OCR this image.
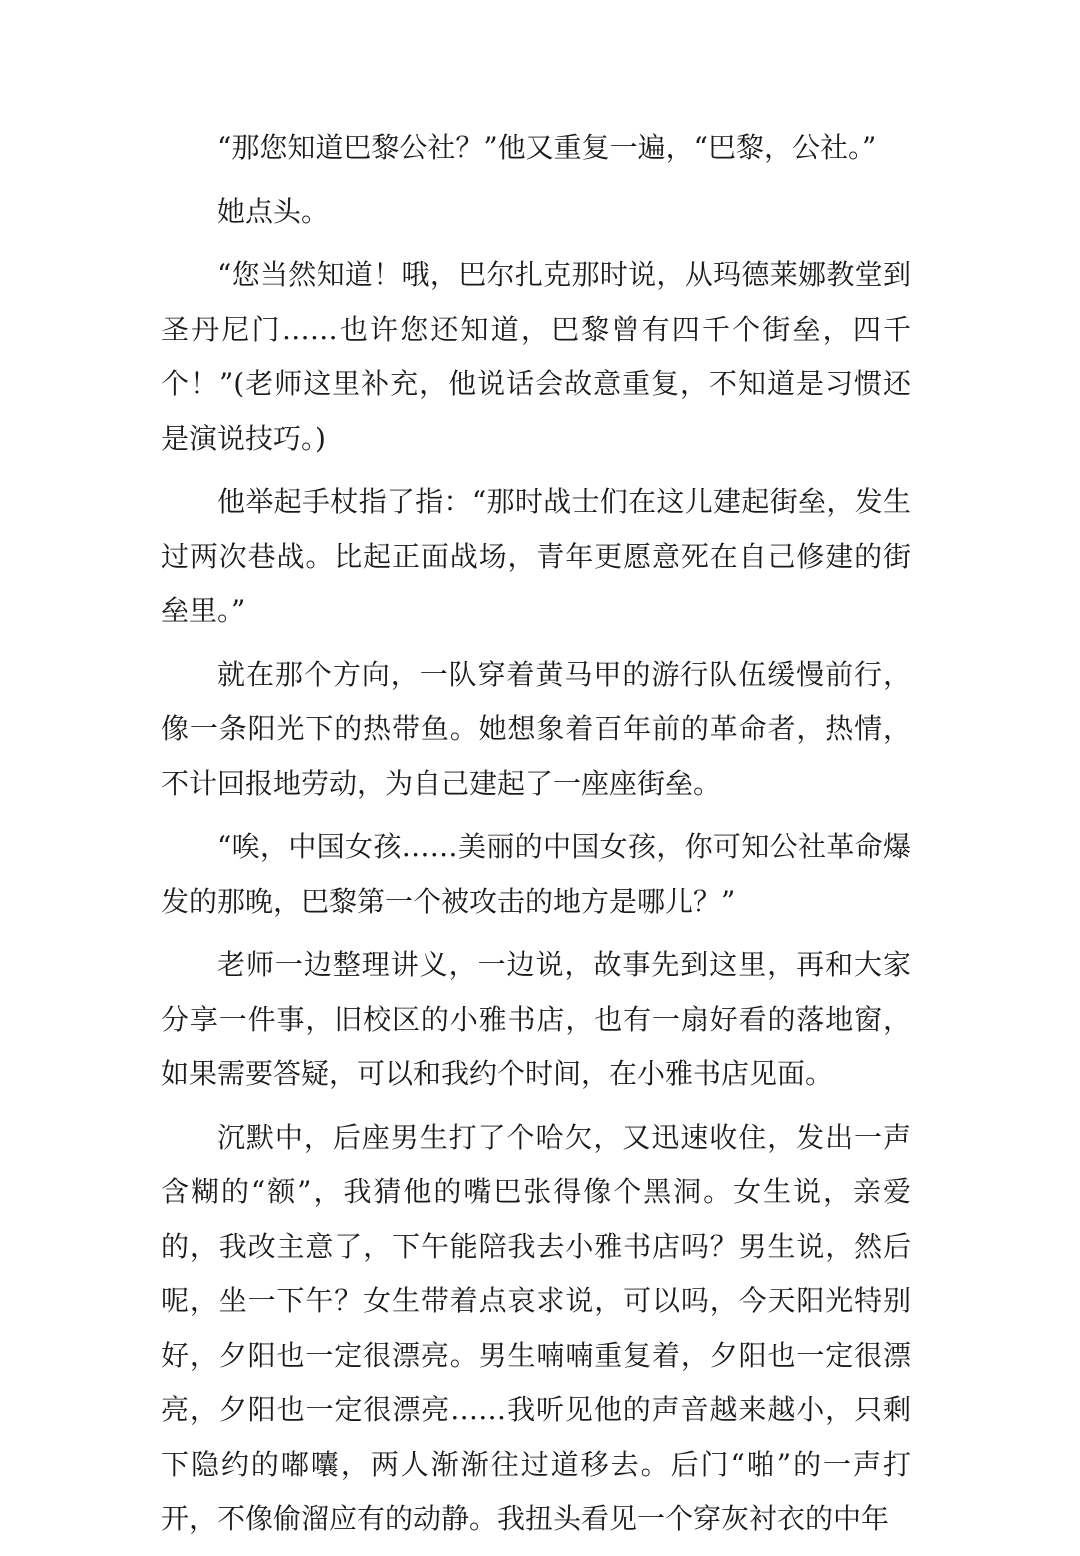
“那您知道巴黎公社？”他又重复一遍，“巴黎，公社。”

她点头。

“您当然知道！哦，巴尔扎克那时说，从玛德莱娜教堂到圣丹尼门……也许您还知道，巴黎曾有四千个街垒，四千个！”(老师这里补充，他说话会故意重复，不知道是习惯还是演说技巧。)

他举起手杖指了指：“那时战士们在这儿建起街垒，发生过两次巷战。比起正面战场，青年更愿意死在自己修建的街垒里。”

就在那个方向，一队穿着黄马甲的游行队伍缓慢前行，像一条阳光下的热带鱼。她想象着百年前的革命者，热情，不计回报地劳动，为自己建起了一座座街垒。

“唉，中国女孩……美丽的中国女孩，你可知公社革命爆发的那晚，巴黎第一个被攻击的地方是哪儿？”

老师一边整理讲义，一边说，故事先到这里，再和大家分享一件事，旧校区的小雅书店，也有一扇好看的落地窗，如果需要答疑，可以和我约个时间，在小雅书店见面。

沉默中，后座男生打了个哈欠，又迅速收住，发出一声含糊的“额”，我猜他的嘴巴张得像个黑洞。女生说，亲爱的，我改主意了，下午能陪我去小雅书店吗？男生说，然后呢，坐一下午？女生带着点哀求说，可以吗，今天阳光特别好，夕阳也一定很漂亮。男生喃喃重复着，夕阳也一定很漂亮，夕阳也一定很漂亮……我听见他的声音越来越小，只剩下隐约的嘟囔，两人渐渐往过道移去。后门“啪”的一声打开，不像偷溜应有的动静。我扭头看见一个穿灰衬衣的中年
